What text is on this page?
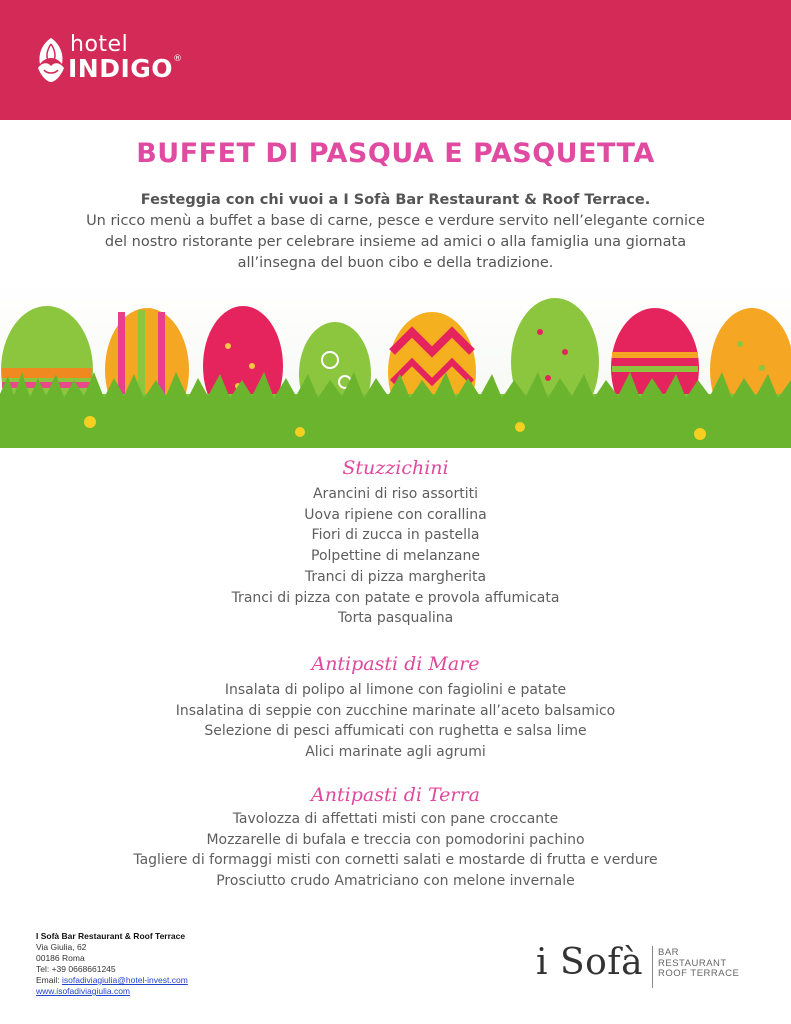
hotel
INDIGO®
BUFFET DI PASQUA E PASQUETTA
Festeggia con chi vuoi a I Sofà Bar Restaurant & Roof Terrace.
Un ricco menù a buffet a base di carne, pesce e verdure servito nell’elegante cornice
del nostro ristorante per celebrare insieme ad amici o alla famiglia una giornata
all’insegna del buon cibo e della tradizione.
Stuzzichini
Arancini di riso assortiti
Uova ripiene con corallina
Fiori di zucca in pastella
Polpettine di melanzane
Tranci di pizza margherita
Tranci di pizza con patate e provola affumicata
Torta pasqualina
Antipasti di Mare
Insalata di polipo al limone con fagiolini e patate
Insalatina di seppie con zucchine marinate all’aceto balsamico
Selezione di pesci affumicati con rughetta e salsa lime
Alici marinate agli agrumi
Antipasti di Terra
Tavolozza di affettati misti con pane croccante
Mozzarelle di bufala e treccia con pomodorini pachino
Tagliere di formaggi misti con cornetti salati e mostarde di frutta e verdure
Prosciutto crudo Amatriciano con melone invernale
I Sofà Bar Restaurant & Roof Terrace
Via Giulia, 62
00186 Roma
Tel: +39 0668661245
Email: isofadiviagiulia@hotel-invest.com
www.isofadiviagiulia.com
i Sofà BAR
RESTAURANT
ROOF TERRACE
